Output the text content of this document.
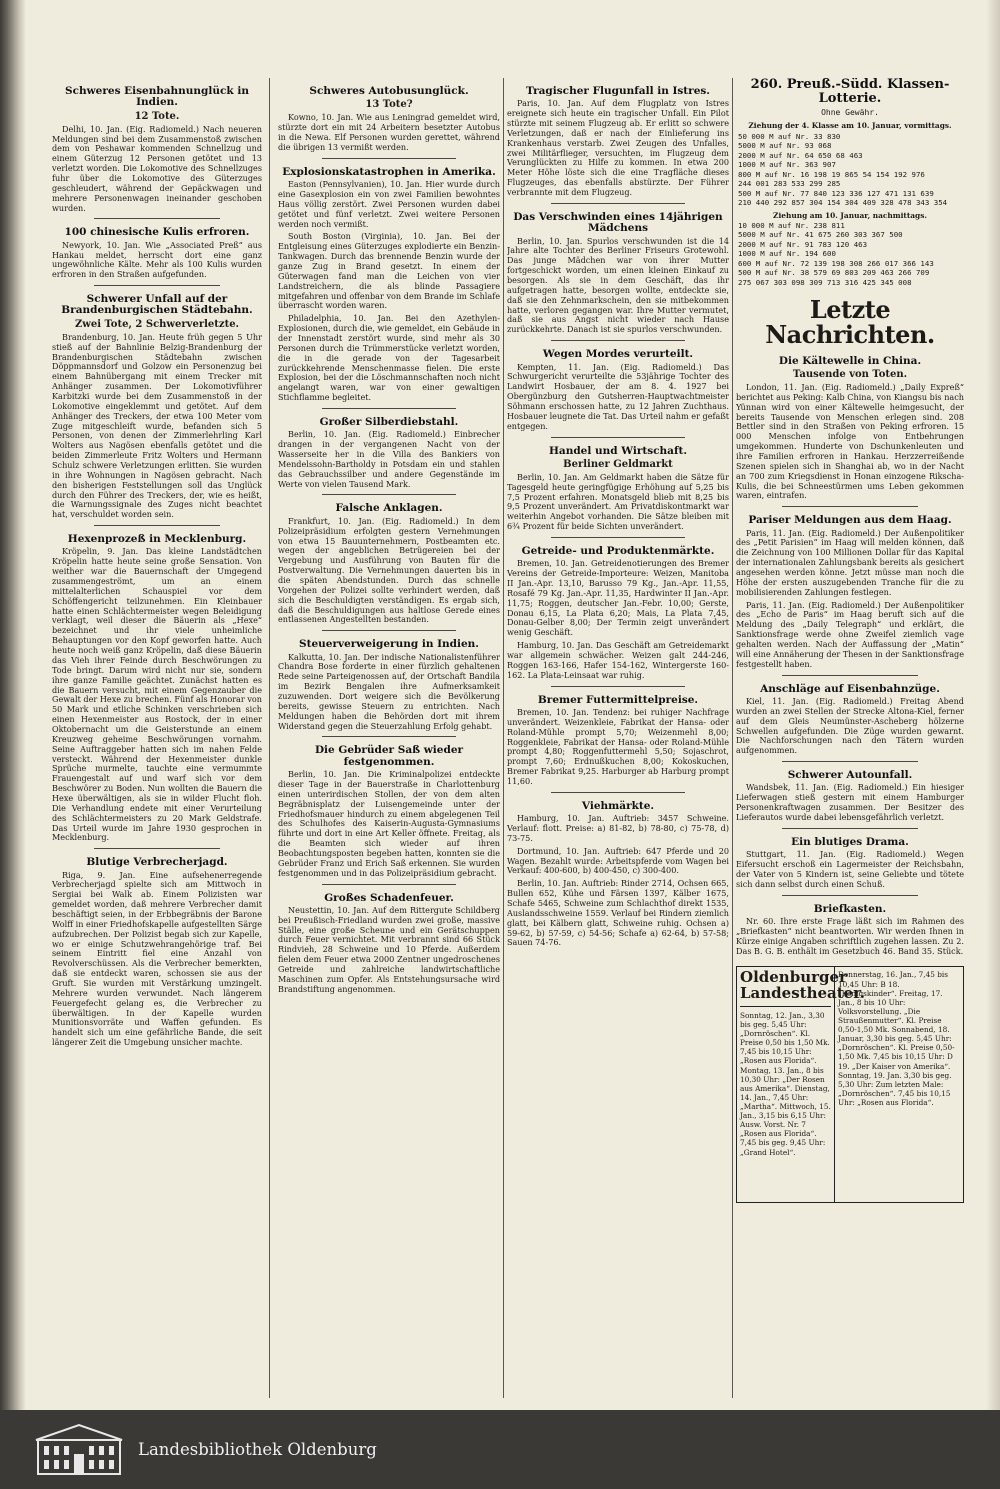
Schweres Eisenbahnunglück in Indien.
12 Tote.

Delhi, 10. Jan. (Eig. Radiomeld.) Nach neueren Meldungen sind bei dem Zusammenstoß zwischen dem von Peshawar kommenden Schnellzug und einem Güterzug 12 Personen getötet und 13 verletzt worden. Die Lokomotive des Schnellzuges fuhr über die Lokomotive des Güterzuges geschleudert, während der Gepäckwagen und mehrere Personenwagen ineinander geschoben wurden.

100 chinesische Kulis erfroren.

Newyork, 10. Jan. Wie „Associated Preß“ aus Hankau meldet, herrscht dort eine ganz ungewöhnliche Kälte. Mehr als 100 Kulis wurden erfroren in den Straßen aufgefunden.

Schwerer Unfall auf der Brandenburgischen Städtebahn.
Zwei Tote, 2 Schwerverletzte.

Brandenburg, 10. Jan. Heute früh gegen 5 Uhr stieß auf der Bahnlinie Belzig-Brandenburg der Brandenburgischen Städtebahn zwischen Döppmannsdorf und Golzow ein Personenzug bei einem Bahnübergang mit einem Trecker mit Anhänger zusammen. Der Lokomotivführer Karbitzki wurde bei dem Zusammenstoß in der Lokomotive eingeklemmt und getötet. Auf dem Anhänger des Treckers, der etwa 100 Meter vom Zuge mitgeschleift wurde, befanden sich 5 Personen, von denen der Zimmerlehrling Karl Wolters aus Nagösen ebenfalls getötet und die beiden Zimmerleute Fritz Wolters und Hermann Schulz schwere Verletzungen erlitten. Sie wurden in ihre Wohnungen in Nagösen gebracht. Nach den bisherigen Feststellungen soll das Unglück durch den Führer des Treckers, der, wie es heißt, die Warnungssignale des Zuges nicht beachtet hat, verschuldet worden sein.

Hexenprozeß in Mecklenburg.

Kröpelin, 9. Jan. Das kleine Landstädtchen Kröpelin hatte heute seine große Sensation. Von weither war die Bauernschaft der Umgegend zusammengeströmt, um an einem mittelalterlichen Schauspiel vor dem Schöffengericht teilzunehmen. Ein Kleinbauer hatte einen Schlächtermeister wegen Beleidigung verklagt, weil dieser die Bäuerin als „Hexe“ bezeichnet und ihr viele unheimliche Behauptungen vor den Kopf geworfen hatte. Auch heute noch weiß ganz Kröpelin, daß diese Bäuerin das Vieh ihrer Feinde durch Beschwörungen zu Tode bringt. Darum wird nicht nur sie, sondern ihre ganze Familie geächtet. Zunächst hatten es die Bauern versucht, mit einem Gegenzauber die Gewalt der Hexe zu brechen. Fünf als Honorar von 50 Mark und etliche Schinken verschrieben sich einen Hexenmeister aus Rostock, der in einer Oktobernacht um die Geisterstunde an einem Kreuzweg geheime Beschwörungen vornahm. Seine Auftraggeber hatten sich im nahen Felde versteckt. Während der Hexenmeister dunkle Sprüche murmelte, tauchte eine vermummte Frauengestalt auf und warf sich vor dem Beschwörer zu Boden. Nun wollten die Bauern die Hexe überwältigen, als sie in wilder Flucht floh. Die Verhandlung endete mit einer Verurteilung des Schlächtermeisters zu 20 Mark Geldstrafe. Das Urteil wurde im Jahre 1930 gesprochen in Mecklenburg.

Blutige Verbrecherjagd.

Riga, 9. Jan. Eine aufsehenerregende Verbrecherjagd spielte sich am Mittwoch in Sergiai bei Walk ab. Einem Polizisten war gemeldet worden, daß mehrere Verbrecher damit beschäftigt seien, in der Erbbegräbnis der Barone Wolff in einer Friedhofskapelle aufgestellten Särge aufzubrechen. Der Polizist begab sich zur Kapelle, wo er einige Schutzwehrangehörige traf. Bei seinem Eintritt fiel eine Anzahl von Revolverschüssen. Als die Verbrecher bemerkten, daß sie entdeckt waren, schossen sie aus der Gruft. Sie wurden mit Verstärkung umzingelt. Mehrere wurden verwundet. Nach längerem Feuergefecht gelang es, die Verbrecher zu überwältigen. In der Kapelle wurden Munitionsvorräte und Waffen gefunden. Es handelt sich um eine gefährliche Bande, die seit längerer Zeit die Umgebung unsicher machte.

Schweres Autobusunglück.
13 Tote?

Kowno, 10. Jan. Wie aus Leningrad gemeldet wird, stürzte dort ein mit 24 Arbeitern besetzter Autobus in die Newa. Elf Personen wurden gerettet, während die übrigen 13 vermißt werden.

Explosionskatastrophen in Amerika.

Easton (Pennsylvanien), 10. Jan. Hier wurde durch eine Gasexplosion ein von zwei Familien bewohntes Haus völlig zerstört. Zwei Personen wurden dabei getötet und fünf verletzt. Zwei weitere Personen werden noch vermißt.

South Boston (Virginia), 10. Jan. Bei der Entgleisung eines Güterzuges explodierte ein Benzin-Tankwagen. Durch das brennende Benzin wurde der ganze Zug in Brand gesetzt. In einem der Güterwagen fand man die Leichen von vier Landstreichern, die als blinde Passagiere mitgefahren und offenbar von dem Brande im Schlafe überrascht worden waren.

Philadelphia, 10. Jan. Bei den Azethylen-Explosionen, durch die, wie gemeldet, ein Gebäude in der Innenstadt zerstört wurde, sind mehr als 30 Personen durch die Trümmerstücke verletzt worden, die in die gerade von der Tagesarbeit zurückkehrende Menschenmasse fielen. Die erste Explosion, bei der die Löschmannschaften noch nicht angelangt waren, war von einer gewaltigen Stichflamme begleitet.

Großer Silberdiebstahl.

Berlin, 10. Jan. (Eig. Radiomeld.) Einbrecher drangen in der vergangenen Nacht von der Wasserseite her in die Villa des Bankiers von Mendelssohn-Bartholdy in Potsdam ein und stahlen das Gebrauchssilber und andere Gegenstände im Werte von vielen Tausend Mark.

Falsche Anklagen.

Frankfurt, 10. Jan. (Eig. Radiomeld.) In dem Polizeipräsidium erfolgten gestern Vernehmungen von etwa 15 Bauunternehmern, Postbeamten etc. wegen der angeblichen Betrügereien bei der Vergebung und Ausführung von Bauten für die Postverwaltung. Die Vernehmungen dauerten bis in die späten Abendstunden. Durch das schnelle Vorgehen der Polizei sollte verhindert werden, daß sich die Beschuldigten verständigen. Es ergab sich, daß die Beschuldigungen aus haltlose Gerede eines entlassenen Angestellten bestanden.

Steuerverweigerung in Indien.

Kalkutta, 10. Jan. Der indische Nationalistenführer Chandra Bose forderte in einer fürzlich gehaltenen Rede seine Parteigenossen auf, der Ortschaft Bandila im Bezirk Bengalen ihre Aufmerksamkeit zuzuwenden. Dort weigere sich die Bevölkerung bereits, gewisse Steuern zu entrichten. Nach Meldungen haben die Behörden dort mit ihrem Widerstand gegen die Steuerzahlung Erfolg gehabt.

Die Gebrüder Saß wieder festgenommen.

Berlin, 10. Jan. Die Kriminalpolizei entdeckte dieser Tage in der Bauerstraße in Charlottenburg einen unterirdischen Stollen, der von dem alten Begräbnisplatz der Luisengemeinde unter der Friedhofsmauer hindurch zu einem abgelegenen Teil des Schulhofes des Kaiserin-Augusta-Gymnasiums führte und dort in eine Art Keller öffnete. Freitag, als die Beamten sich wieder auf ihren Beobachtungsposten begeben hatten, konnten sie die Gebrüder Franz und Erich Saß erkennen. Sie wurden festgenommen und in das Polizeipräsidium gebracht.

Großes Schadenfeuer.

Neustettin, 10. Jan. Auf dem Rittergute Schildberg bei Preußisch-Friedland wurden zwei große, massive Ställe, eine große Scheune und ein Gerätschuppen durch Feuer vernichtet. Mit verbrannt sind 66 Stück Rindvieh, 28 Schweine und 10 Pferde. Außerdem fielen dem Feuer etwa 2000 Zentner ungedroschenes Getreide und zahlreiche landwirtschaftliche Maschinen zum Opfer. Als Entstehungsursache wird Brandstiftung angenommen.

Tragischer Flugunfall in Istres.

Paris, 10. Jan. Auf dem Flugplatz von Istres ereignete sich heute ein tragischer Unfall. Ein Pilot stürzte mit seinem Flugzeug ab. Er erlitt so schwere Verletzungen, daß er nach der Einlieferung ins Krankenhaus verstarb. Zwei Zeugen des Unfalles, zwei Militärflieger, versuchten, im Flugzeug dem Verunglückten zu Hilfe zu kommen. In etwa 200 Meter Höhe löste sich die eine Tragfläche dieses Flugzeuges, das ebenfalls abstürzte. Der Führer verbrannte mit dem Flugzeug.

Das Verschwinden eines 14jährigen Mädchens

Berlin, 10. Jan. Spurlos verschwunden ist die 14 Jahre alte Tochter des Berliner Friseurs Grotewohl. Das junge Mädchen war von ihrer Mutter fortgeschickt worden, um einen kleinen Einkauf zu besorgen. Als sie in dem Geschäft, das ihr aufgetragen hatte, besorgen wollte, entdeckte sie, daß sie den Zehnmarkschein, den sie mitbekommen hatte, verloren gegangen war. Ihre Mutter vermutet, daß sie aus Angst nicht wieder nach Hause zurückkehrte. Danach ist sie spurlos verschwunden.

Wegen Mordes verurteilt.

Kempten, 11. Jan. (Eig. Radiomeld.) Das Schwurgericht verurteilte die 53jährige Tochter des Landwirt Hosbauer, der am 8. 4. 1927 bei Obergünzburg den Gutsherren-Hauptwachtmeister Söhmann erschossen hatte, zu 12 Jahren Zuchthaus. Hosbauer leugnete die Tat. Das Urteil nahm er gefaßt entgegen.

Handel und Wirtschaft.
Berliner Geldmarkt

Berlin, 10. Jan. Am Geldmarkt haben die Sätze für Tagesgeld heute geringfügige Erhöhung auf 5,25 bis 7,5 Prozent erfahren. Monatsgeld blieb mit 8,25 bis 9,5 Prozent unverändert. Am Privatdiskontmarkt war weiterhin Angebot vorhanden. Die Sätze bleiben mit 6¾ Prozent für beide Sichten unverändert.

Getreide- und Produktenmärkte.

Bremen, 10. Jan. Getreidenotierungen des Bremer Vereins der Getreide-Importeure: Weizen, Manitoba II Jan.-Apr. 13,10, Barusso 79 Kg., Jan.-Apr. 11,55, Rosafé 79 Kg. Jan.-Apr. 11,35, Hardwinter II Jan.-Apr. 11,75; Roggen, deutscher Jan.-Febr. 10,00; Gerste, Donau 6,15, La Plata 6,20; Mais, La Plata 7,45, Donau-Gelber 8,00; Der Termin zeigt unverändert wenig Geschäft.

Hamburg, 10. Jan. Das Geschäft am Getreidemarkt war allgemein schwächer. Weizen galt 244-246, Roggen 163-166, Hafer 154-162, Wintergerste 160-162. La Plata-Leinsaat war ruhig.

Bremer Futtermittelpreise.

Bremen, 10. Jan. Tendenz: bei ruhiger Nachfrage unverändert. Weizenkleie, Fabrikat der Hansa- oder Roland-Mühle prompt 5,70; Weizenmehl 8,00; Roggenkleie, Fabrikat der Hansa- oder Roland-Mühle prompt 4,80; Roggenfuttermehl 5,50; Sojaschrot, prompt 7,60; Erdnußkuchen 8,00; Kokoskuchen, Bremer Fabrikat 9,25. Harburger ab Harburg prompt 11,60.

Viehmärkte.

Hamburg, 10. Jan. Auftrieb: 3457 Schweine. Verlauf: flott. Preise: a) 81-82, b) 78-80, c) 75-78, d) 73-75.

Dortmund, 10. Jan. Auftrieb: 647 Pferde und 20 Wagen. Bezahlt wurde: Arbeitspferde vom Wagen bei Verkauf: 400-600, b) 400-450, c) 300-400.

Berlin, 10. Jan. Auftrieb: Rinder 2714, Ochsen 665, Bullen 652, Kühe und Färsen 1397, Kälber 1675, Schafe 5465, Schweine zum Schlachthof direkt 1535, Auslandsschweine 1559. Verlauf bei Rindern ziemlich glatt, bei Kälbern glatt, Schweine ruhig. Ochsen a) 59-62, b) 57-59, c) 54-56; Schafe a) 62-64, b) 57-58; Sauen 74-76.

260. Preuß.-Südd. Klassen-Lotterie.
Ohne Gewähr.
Ziehung der 4. Klasse am 10. Januar, vormittags.
50 000 M auf Nr. 33 830
5000 M auf Nr. 93 068
2000 M auf Nr. 64 650 68 463
1000 M auf Nr. 363 907
800 M auf Nr. 16 198 19 865 54 154 192 976
244 001 283 533 299 285
500 M auf Nr. 77 840 123 336 127 471 131 639
210 440 292 857 304 154 304 409 328 478 343 354
Ziehung am 10. Januar, nachmittags.
10 000 M auf Nr. 238 811
5000 M auf Nr. 41 675 260 303 367 500
2000 M auf Nr. 91 783 120 463
1000 M auf Nr. 194 600
600 M auf Nr. 72 139 198 308 266 017 366 143
500 M auf Nr. 38 579 69 803 209 463 266 709
275 067 303 098 309 713 316 425 345 008
Letzte Nachrichten.
Die Kältewelle in China.
Tausende von Toten.

London, 11. Jan. (Eig. Radiomeld.) „Daily Expreß“ berichtet aus Peking: Kalb China, von Kiangsu bis nach Yünnan wird von einer Kältewelle heimgesucht, der bereits Tausende von Menschen erlegen sind. 208 Bettler sind in den Straßen von Peking erfroren. 15 000 Menschen infolge von Entbehrungen umgekommen. Hunderte von Dschunkenleuten und ihre Familien erfroren in Hankau. Herzzerreißende Szenen spielen sich in Shanghai ab, wo in der Nacht an 700 zum Kriegsdienst in Honan einzogene Rikscha-Kulis, die bei Schneestürmen ums Leben gekommen waren, eintrafen.

Pariser Meldungen aus dem Haag.

Paris, 11. Jan. (Eig. Radiomeld.) Der Außenpolitiker des „Petit Parisien“ im Haag will melden können, daß die Zeichnung von 100 Millionen Dollar für das Kapital der internationalen Zahlungsbank bereits als gesichert angesehen werden könne. Jetzt müsse man noch die Höhe der ersten auszugebenden Tranche für die zu mobilisierenden Zahlungen festlegen.

Paris, 11. Jan. (Eig. Radiomeld.) Der Außenpolitiker des „Echo de Paris“ im Haag beruft sich auf die Meldung des „Daily Telegraph“ und erklärt, die Sanktionsfrage werde ohne Zweifel ziemlich vage gehalten werden. Nach der Auffassung der „Matin“ will eine Annäherung der Thesen in der Sanktionsfrage festgestellt haben.

Anschläge auf Eisenbahnzüge.

Kiel, 11. Jan. (Eig. Radiomeld.) Freitag Abend wurden an zwei Stellen der Strecke Altona-Kiel, ferner auf dem Gleis Neumünster-Ascheberg hölzerne Schwellen aufgefunden. Die Züge wurden gewarnt. Die Nachforschungen nach den Tätern wurden aufgenommen.

Schwerer Autounfall.

Wandsbek, 11. Jan. (Eig. Radiomeld.) Ein hiesiger Lieferwagen stieß gestern mit einem Hamburger Personenkraftwagen zusammen. Der Besitzer des Lieferautos wurde dabei lebensgefährlich verletzt.

Ein blutiges Drama.

Stuttgart, 11. Jan. (Eig. Radiomeld.) Wegen Eifersucht erschoß ein Lagermeister der Reichsbahn, der Vater von 5 Kindern ist, seine Geliebte und tötete sich dann selbst durch einen Schuß.

Briefkasten.

Nr. 60. Ihre erste Frage läßt sich im Rahmen des „Briefkasten“ nicht beantworten. Wir werden Ihnen in Kürze einige Angaben schriftlich zugehen lassen. Zu 2. Das B. G. B. enthält im Gesetzbuch 46. Band 35. Stück.

Oldenburger Landestheater.
Sonntag, 12. Jan., 3,30 bis geg. 5,45 Uhr: „Dornröschen“. Kl. Preise 0,50 bis 1,50 Mk. 7,45 bis 10,15 Uhr: „Rosen aus Florida“. Montag, 13. Jan., 8 bis 10,30 Uhr: „Der Rosen aus Amerika“. Dienstag, 14. Jan., 7,45 Uhr: „Martha“. Mittwoch, 15. Jan., 3,15 bis 6,15 Uhr: Ausw. Vorst. Nr. 7 „Rosen aus Florida“. 7,45 bis geg. 9,45 Uhr: „Grand Hotel“.
Donnerstag, 16. Jan., 7,45 bis 10,45 Uhr: B 18. „Königskinder“. Freitag, 17. Jan., 8 bis 10 Uhr: Volksvorstellung. „Die Straußenmutter“. Kl. Preise 0,50-1,50 Mk. Sonnabend, 18. Januar, 3,30 bis geg. 5,45 Uhr: „Dornröschen“. Kl. Preise 0,50-1,50 Mk. 7,45 bis 10,15 Uhr: D 19. „Der Kaiser von Amerika“. Sonntag, 19. Jan. 3,30 bis geg. 5,30 Uhr: Zum letzten Male: „Dornröschen“. 7,45 bis 10,15 Uhr: „Rosen aus Florida“.
Landesbibliothek Oldenburg
